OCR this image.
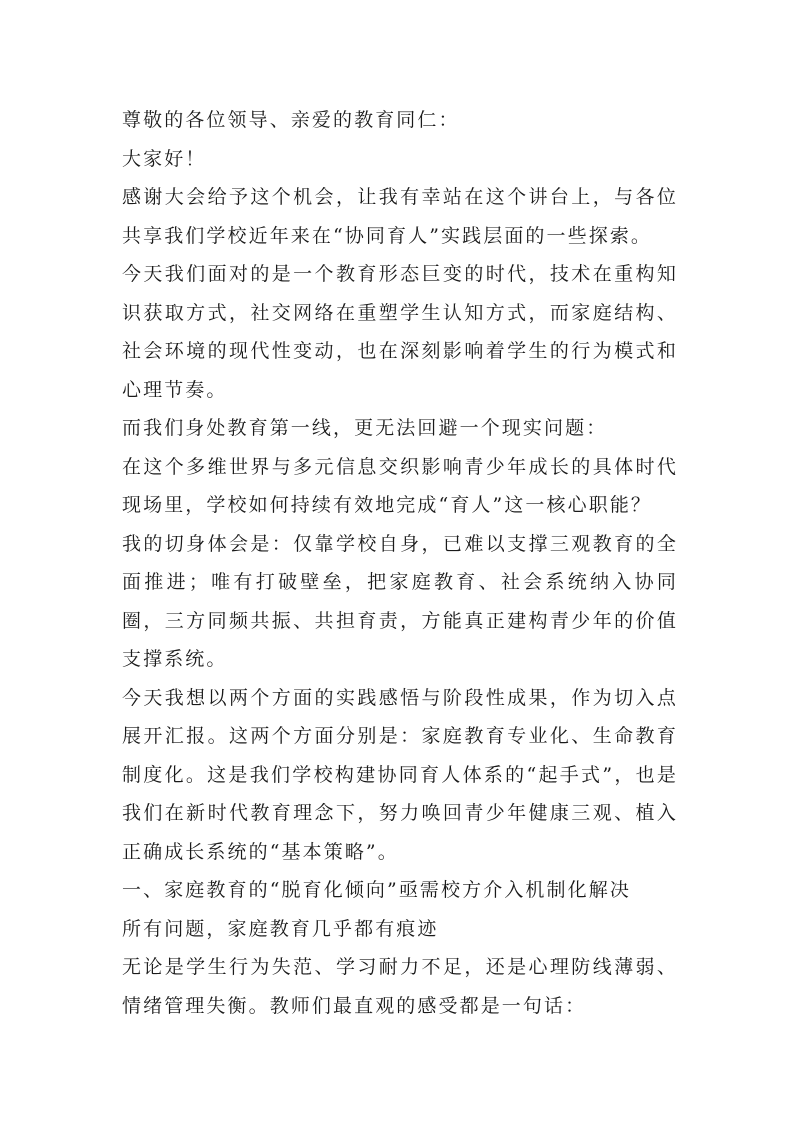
尊敬的各位领导、亲爱的教育同仁：

大家好！

感谢大会给予这个机会，让我有幸站在这个讲台上，与各位共享我们学校近年来在“协同育人”实践层面的一些探索。

今天我们面对的是一个教育形态巨变的时代，技术在重构知识获取方式，社交网络在重塑学生认知方式，而家庭结构、社会环境的现代性变动，也在深刻影响着学生的行为模式和心理节奏。

而我们身处教育第一线，更无法回避一个现实问题：

在这个多维世界与多元信息交织影响青少年成长的具体时代现场里，学校如何持续有效地完成“育人”这一核心职能？

我的切身体会是：仅靠学校自身，已难以支撑三观教育的全面推进；唯有打破壁垒，把家庭教育、社会系统纳入协同圈，三方同频共振、共担育责，方能真正建构青少年的价值支撑系统。

今天我想以两个方面的实践感悟与阶段性成果，作为切入点展开汇报。这两个方面分别是：家庭教育专业化、生命教育制度化。这是我们学校构建协同育人体系的“起手式”，也是我们在新时代教育理念下，努力唤回青少年健康三观、植入正确成长系统的“基本策略”。

一、家庭教育的“脱育化倾向”亟需校方介入机制化解决

所有问题，家庭教育几乎都有痕迹

无论是学生行为失范、学习耐力不足，还是心理防线薄弱、情绪管理失衡。教师们最直观的感受都是一句话：
